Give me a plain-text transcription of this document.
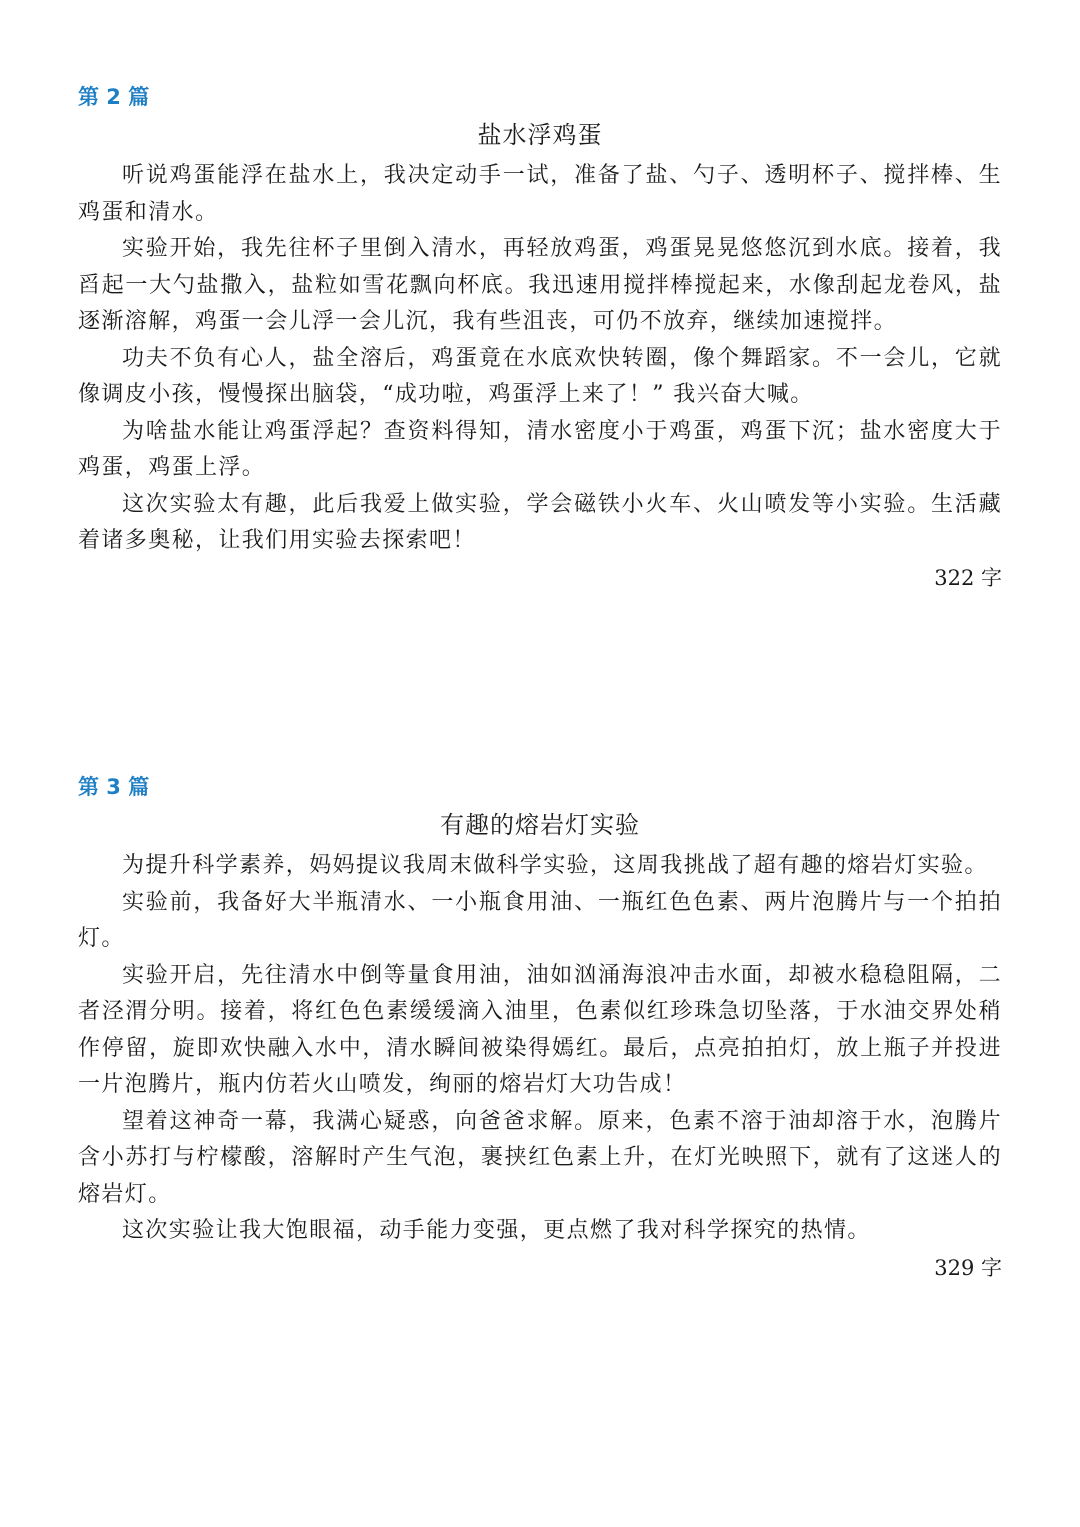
第 2 篇
盐水浮鸡蛋

听说鸡蛋能浮在盐水上，我决定动手一试，准备了盐、勺子、透明杯子、搅拌棒、生鸡蛋和清水。

实验开始，我先往杯子里倒入清水，再轻放鸡蛋，鸡蛋晃晃悠悠沉到水底。接着，我舀起一大勺盐撒入，盐粒如雪花飘向杯底。我迅速用搅拌棒搅起来，水像刮起龙卷风，盐逐渐溶解，鸡蛋一会儿浮一会儿沉，我有些沮丧，可仍不放弃，继续加速搅拌。

功夫不负有心人，盐全溶后，鸡蛋竟在水底欢快转圈，像个舞蹈家。不一会儿，它就像调皮小孩，慢慢探出脑袋，“成功啦，鸡蛋浮上来了！” 我兴奋大喊。

为啥盐水能让鸡蛋浮起？查资料得知，清水密度小于鸡蛋，鸡蛋下沉；盐水密度大于鸡蛋，鸡蛋上浮。

这次实验太有趣，此后我爱上做实验，学会磁铁小火车、火山喷发等小实验。生活藏着诸多奥秘，让我们用实验去探索吧！

322 字
第 3 篇
有趣的熔岩灯实验

为提升科学素养，妈妈提议我周末做科学实验，这周我挑战了超有趣的熔岩灯实验。

实验前，我备好大半瓶清水、一小瓶食用油、一瓶红色色素、两片泡腾片与一个拍拍灯。

实验开启，先往清水中倒等量食用油，油如汹涌海浪冲击水面，却被水稳稳阻隔，二者泾渭分明。接着，将红色色素缓缓滴入油里，色素似红珍珠急切坠落，于水油交界处稍作停留，旋即欢快融入水中，清水瞬间被染得嫣红。最后，点亮拍拍灯，放上瓶子并投进一片泡腾片，瓶内仿若火山喷发，绚丽的熔岩灯大功告成！

望着这神奇一幕，我满心疑惑，向爸爸求解。原来，色素不溶于油却溶于水，泡腾片含小苏打与柠檬酸，溶解时产生气泡，裹挟红色素上升，在灯光映照下，就有了这迷人的熔岩灯。

这次实验让我大饱眼福，动手能力变强，更点燃了我对科学探究的热情。

329 字
